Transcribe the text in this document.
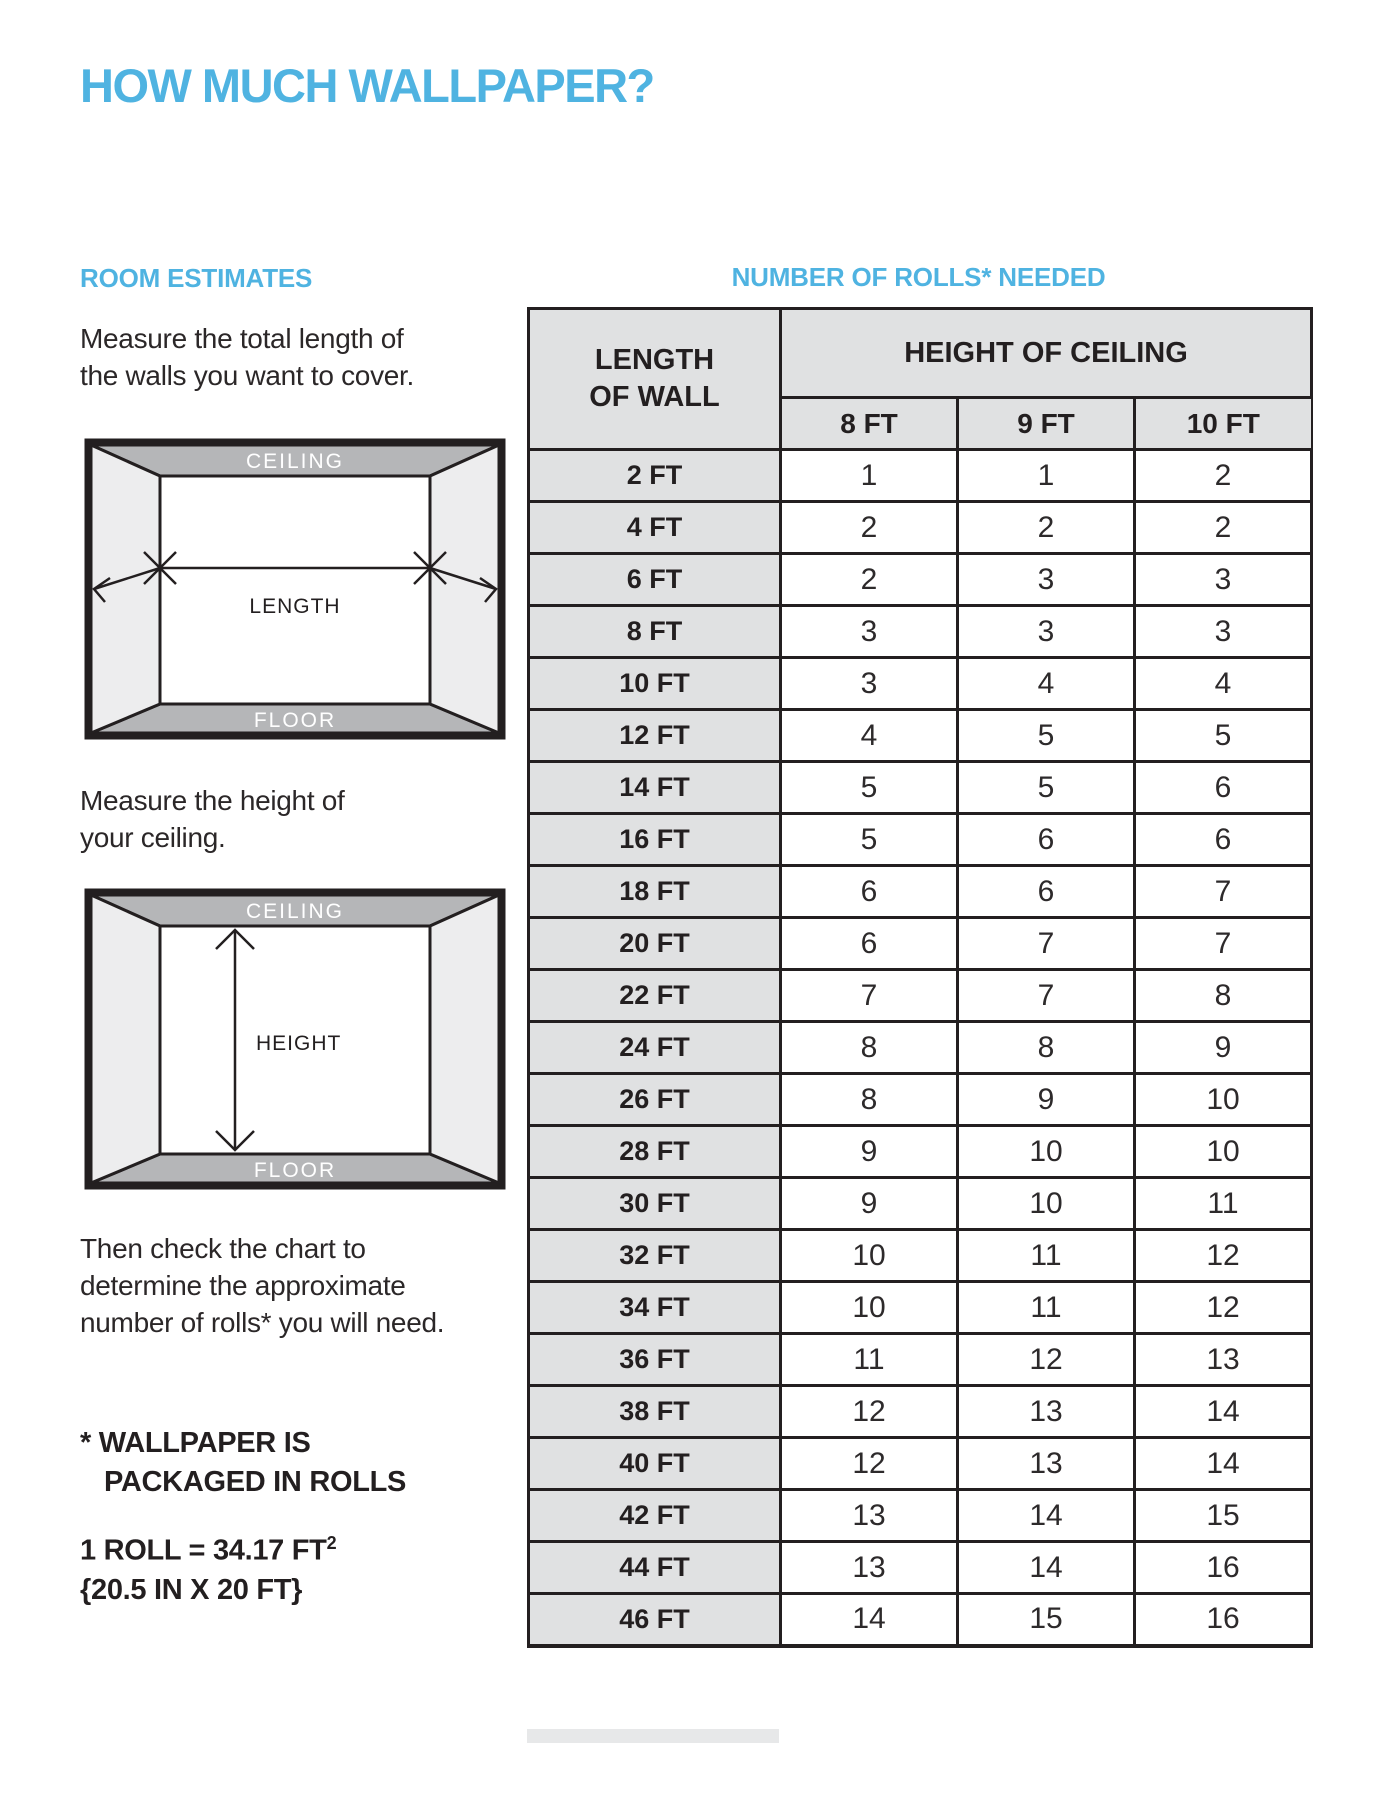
HOW MUCH WALLPAPER?
ROOM ESTIMATES
Measure the total length of
the walls you want to cover.
CEILING
FLOOR
LENGTH
Measure the height of
your ceiling.
CEILING
FLOOR
HEIGHT
Then check the chart to
determine the approximate
number of rolls* you will need.
* WALLPAPER IS
PACKAGED IN ROLLS
1 ROLL = 34.17 $FT^2$
{20.5 IN X 20 FT}
NUMBER OF ROLLS* NEEDED
LENGTH
OF WALL	HEIGHT OF CEILING		
	8 FT	9 FT	10 FT
2 FT	1	1	2
4 FT	2	2	2
6 FT	2	3	3
8 FT	3	3	3
10 FT	3	4	4
12 FT	4	5	5
14 FT	5	5	6
16 FT	5	6	6
18 FT	6	6	7
20 FT	6	7	7
22 FT	7	7	8
24 FT	8	8	9
26 FT	8	9	10
28 FT	9	10	10
30 FT	9	10	11
32 FT	10	11	12
34 FT	10	11	12
36 FT	11	12	13
38 FT	12	13	14
40 FT	12	13	14
42 FT	13	14	15
44 FT	13	14	16
46 FT	14	15	16
